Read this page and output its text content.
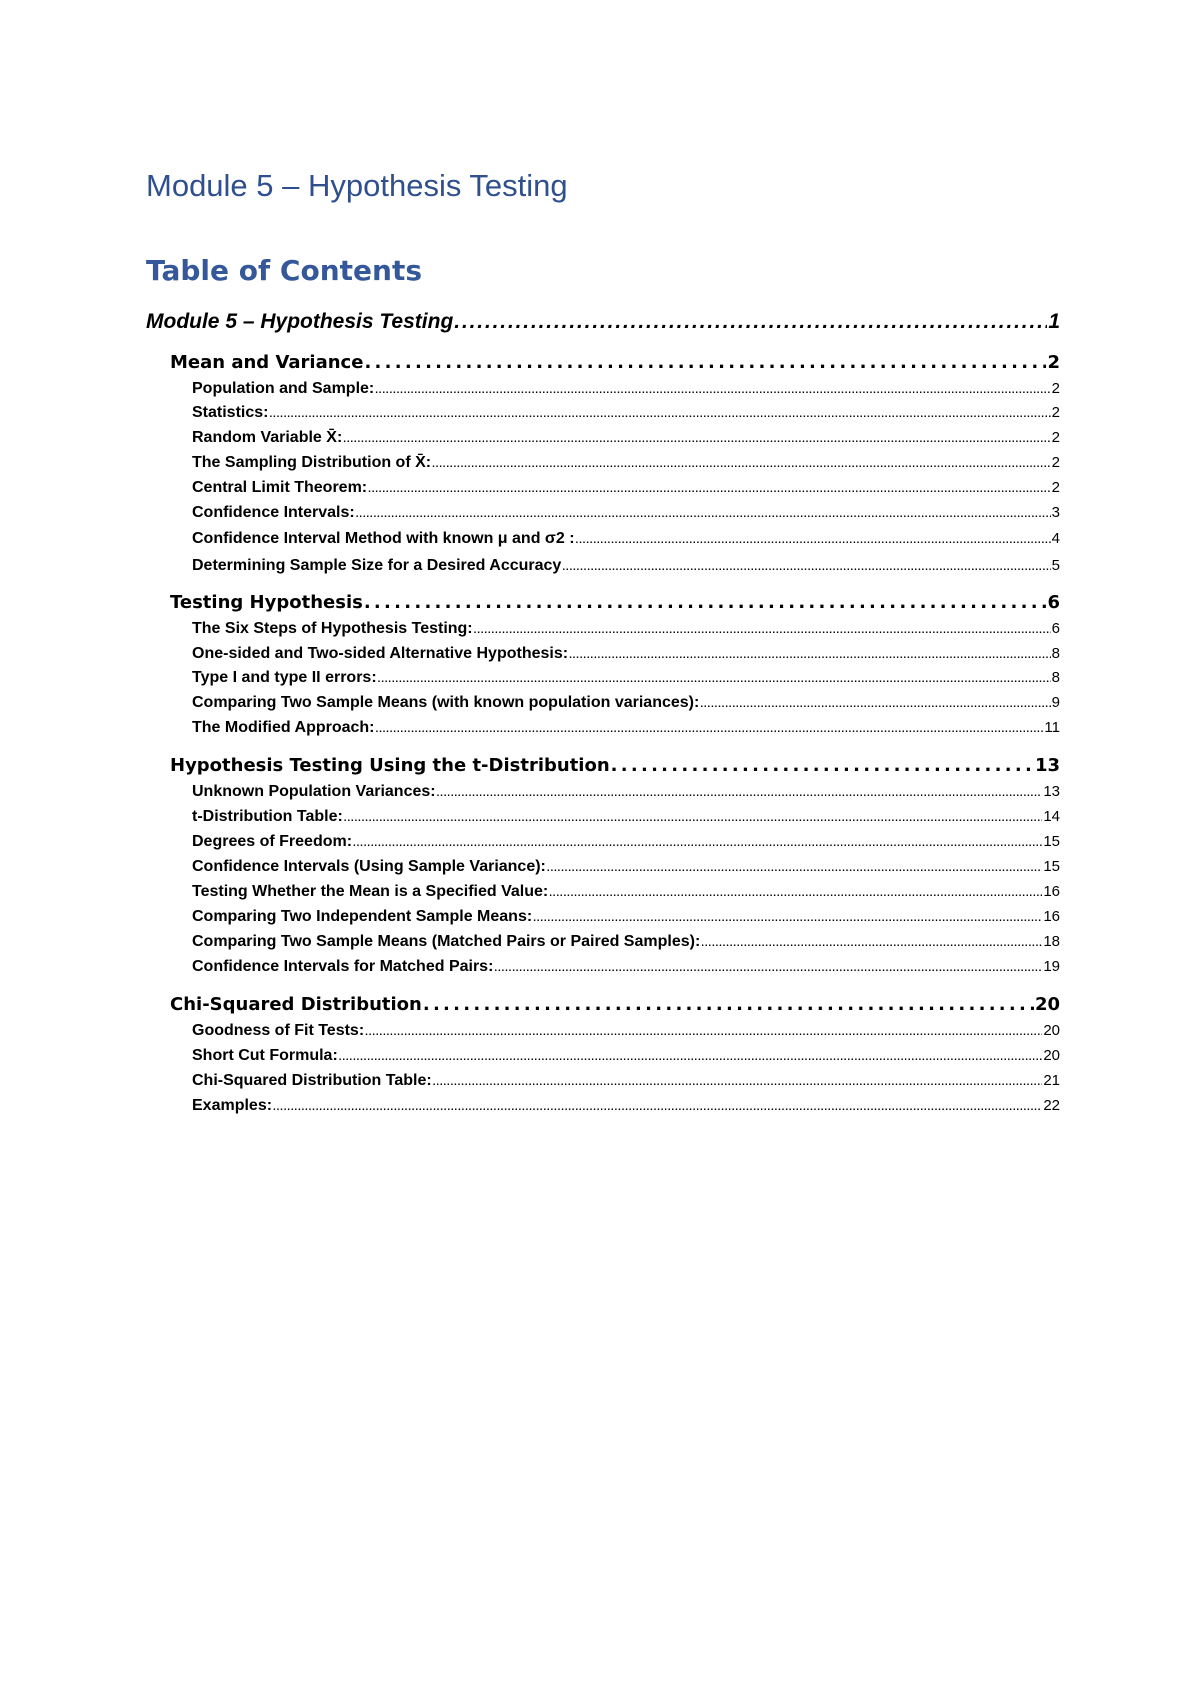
Module 5 – Hypothesis Testing
Table of Contents
Module 5 – Hypothesis Testing . . .	1
Mean and Variance . . .	2
Population and Sample: . . .	2
Statistics: . . .	2
Random Variable X̄: . . .	2
The Sampling Distribution of X̄: . . .	2
Central Limit Theorem: . . .	2
Confidence Intervals: . . .	3
Confidence Interval Method with known μ and σ2 : . . .	4
Determining Sample Size for a Desired Accuracy . . .	5
Testing Hypothesis . . .	6
The Six Steps of Hypothesis Testing: . . .	6
One-sided and Two-sided Alternative Hypothesis: . . .	8
Type I and type II errors: . . .	8
Comparing Two Sample Means (with known population variances): . . .	9
The Modified Approach: . . .	11
Hypothesis Testing Using the t-Distribution . . .	13
Unknown Population Variances: . . .	13
t-Distribution Table: . . .	14
Degrees of Freedom: . . .	15
Confidence Intervals (Using Sample Variance): . . .	15
Testing Whether the Mean is a Specified Value: . . .	16
Comparing Two Independent Sample Means: . . .	16
Comparing Two Sample Means (Matched Pairs or Paired Samples): . . .	18
Confidence Intervals for Matched Pairs: . . .	19
Chi-Squared Distribution . . .	20
Goodness of Fit Tests: . . .	20
Short Cut Formula: . . .	20
Chi-Squared Distribution Table: . . .	21
Examples: . . .	22
